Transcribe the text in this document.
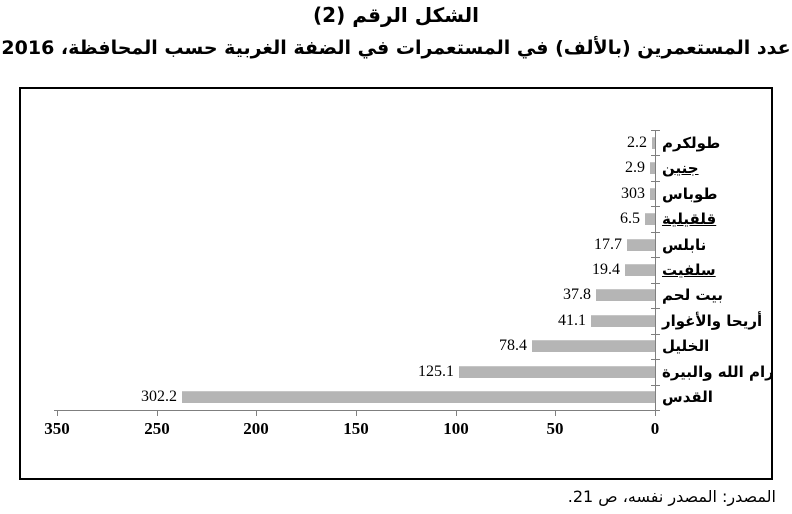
الشكل الرقم (2)
عدد المستعمرين (بالألف) في المستعمرات في الضفة الغربية حسب المحافظة، 2016
350	250	200	150	100	50	0
2.2 طولكرم
2.9 جنين
303 طوباس
6.5 قلقيلية
17.7	نابلس
19.4	سلفيت
37.8	بيت لحم
41.1	أريحا والأغوار
78.4	الخليل
125.1	رام الله والبيرة
302.2	القدس
المصدر: المصدر نفسه، ص 21.
